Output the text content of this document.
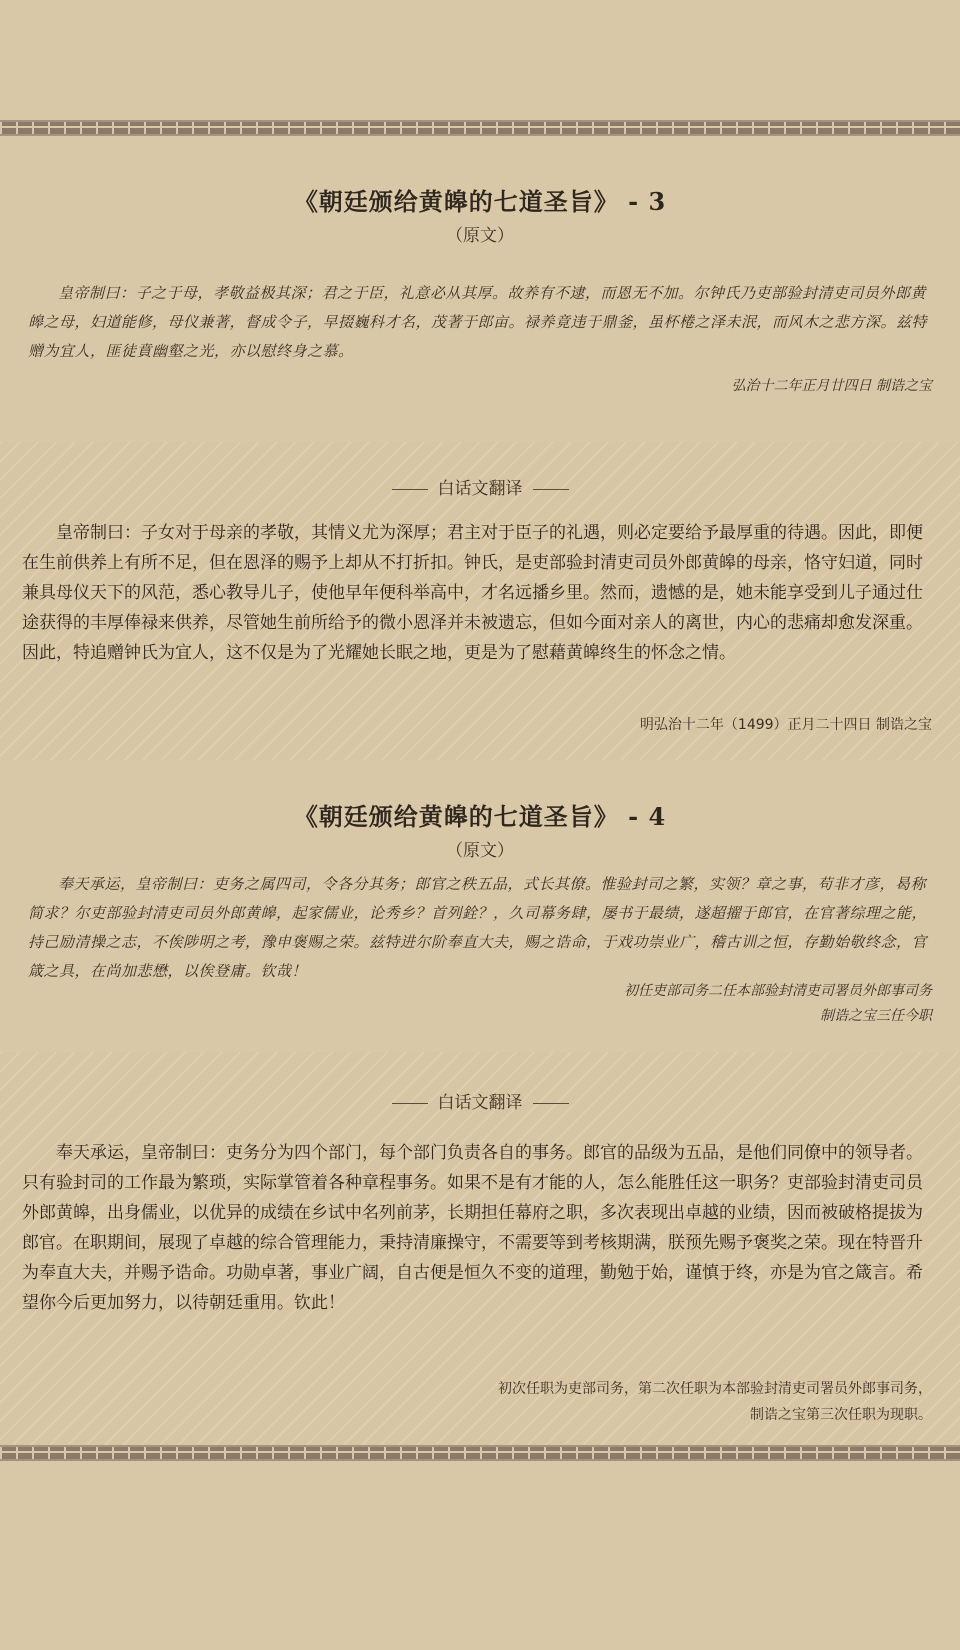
《朝廷颁给黄皞的七道圣旨》 - 3
（原文）
皇帝制曰：子之于母，孝敬益极其深；君之于臣，礼意必从其厚。故养有不逮，而恩无不加。尔钟氏乃吏部验封清吏司员外郎黄皞之母，妇道能修，母仪兼著，督成令子，早掇巍科才名，茂著于郎亩。禄养竟违于鼎釜，虽杯棬之泽未泯，而风木之悲方深。兹特赠为宜人，匪徒賁幽壑之光，亦以慰终身之慕。
弘治十二年正月廿四日 制诰之宝
白话文翻译
皇帝制曰：子女对于母亲的孝敬，其情义尤为深厚；君主对于臣子的礼遇，则必定要给予最厚重的待遇。因此，即便在生前供养上有所不足，但在恩泽的赐予上却从不打折扣。钟氏，是吏部验封清吏司员外郎黄皞的母亲，恪守妇道，同时兼具母仪天下的风范，悉心教导儿子，使他早年便科举高中，才名远播乡里。然而，遗憾的是，她未能享受到儿子通过仕途获得的丰厚俸禄来供养，尽管她生前所给予的微小恩泽并未被遗忘，但如今面对亲人的离世，内心的悲痛却愈发深重。因此，特追赠钟氏为宜人，这不仅是为了光耀她长眠之地，更是为了慰藉黄皞终生的怀念之情。
明弘治十二年（1499）正月二十四日 制诰之宝
《朝廷颁给黄皞的七道圣旨》 - 4
（原文）
奉天承运，皇帝制曰：吏务之属四司，令各分其务；郎官之秩五品，式长其僚。惟验封司之繁，实领？章之事，苟非才彦，曷称简求？尔吏部验封清吏司员外郎黄皞，起家儒业，论秀乡？首列銓？，久司幕务肆，屡书于最绩，遂超擢于郎官，在官著综理之能，持己励清操之志，不俟陟明之考，豫申褒赐之荣。兹特进尔阶奉直大夫，赐之诰命，于戏功崇业广，稽古训之恒，存勤始敬终念，官箴之具，在尚加悲懋，以俟登庸。钦哉！
初任吏部司务二任本部验封清吏司署员外郎事司务
制诰之宝三任今职
白话文翻译
奉天承运，皇帝制曰：吏务分为四个部门，每个部门负责各自的事务。郎官的品级为五品，是他们同僚中的领导者。只有验封司的工作最为繁琐，实际掌管着各种章程事务。如果不是有才能的人，怎么能胜任这一职务？吏部验封清吏司员外郎黄皞，出身儒业，以优异的成绩在乡试中名列前茅，长期担任幕府之职，多次表现出卓越的业绩，因而被破格提拔为郎官。在职期间，展现了卓越的综合管理能力，秉持清廉操守，不需要等到考核期满，朕预先赐予褒奖之荣。现在特晋升为奉直大夫，并赐予诰命。功勋卓著，事业广阔，自古便是恒久不变的道理，勤勉于始，谨慎于终，亦是为官之箴言。希望你今后更加努力，以待朝廷重用。钦此！
初次任职为吏部司务，第二次任职为本部验封清吏司署员外郎事司务，
制诰之宝第三次任职为现职。
